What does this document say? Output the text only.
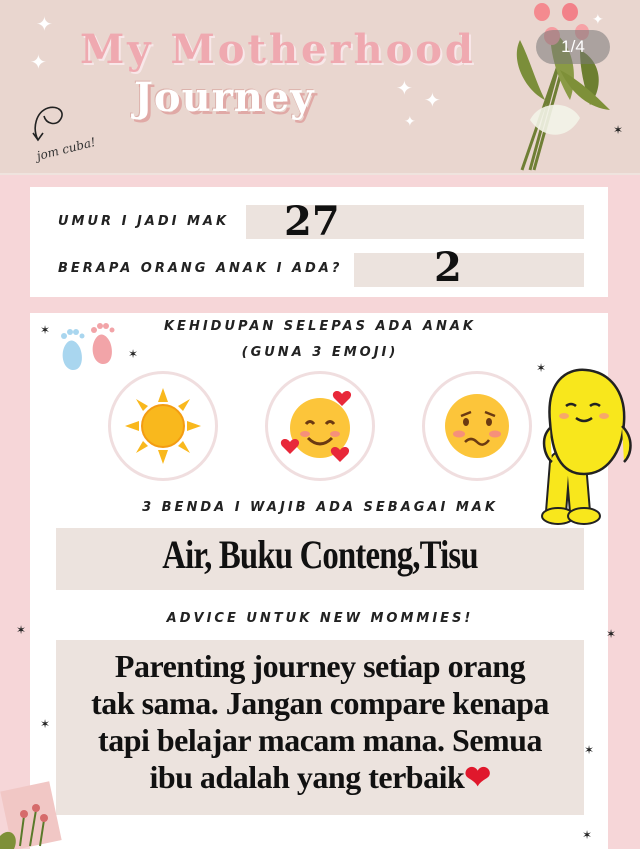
jom cuba!
My Motherhood
Journey
1/4
✦
✦
✦ ✦
✦
✦
UMUR I JADI MAK 27
BERAPA ORANG ANAK I ADA? 2
KEHIDUPAN SELEPAS ADA ANAK
(GUNA 3 EMOJI)
3 BENDA I WAJIB ADA SEBAGAI MAK
Air, Buku Conteng,Tisu
ADVICE UNTUK NEW MOMMIES!
Parenting journey setiap orang
tak sama. Jangan compare kenapa
tapi belajar macam mana. Semua
ibu adalah yang terbaik❤
✶
✶
✶
✶
✶	✶
✶
✶
✶
